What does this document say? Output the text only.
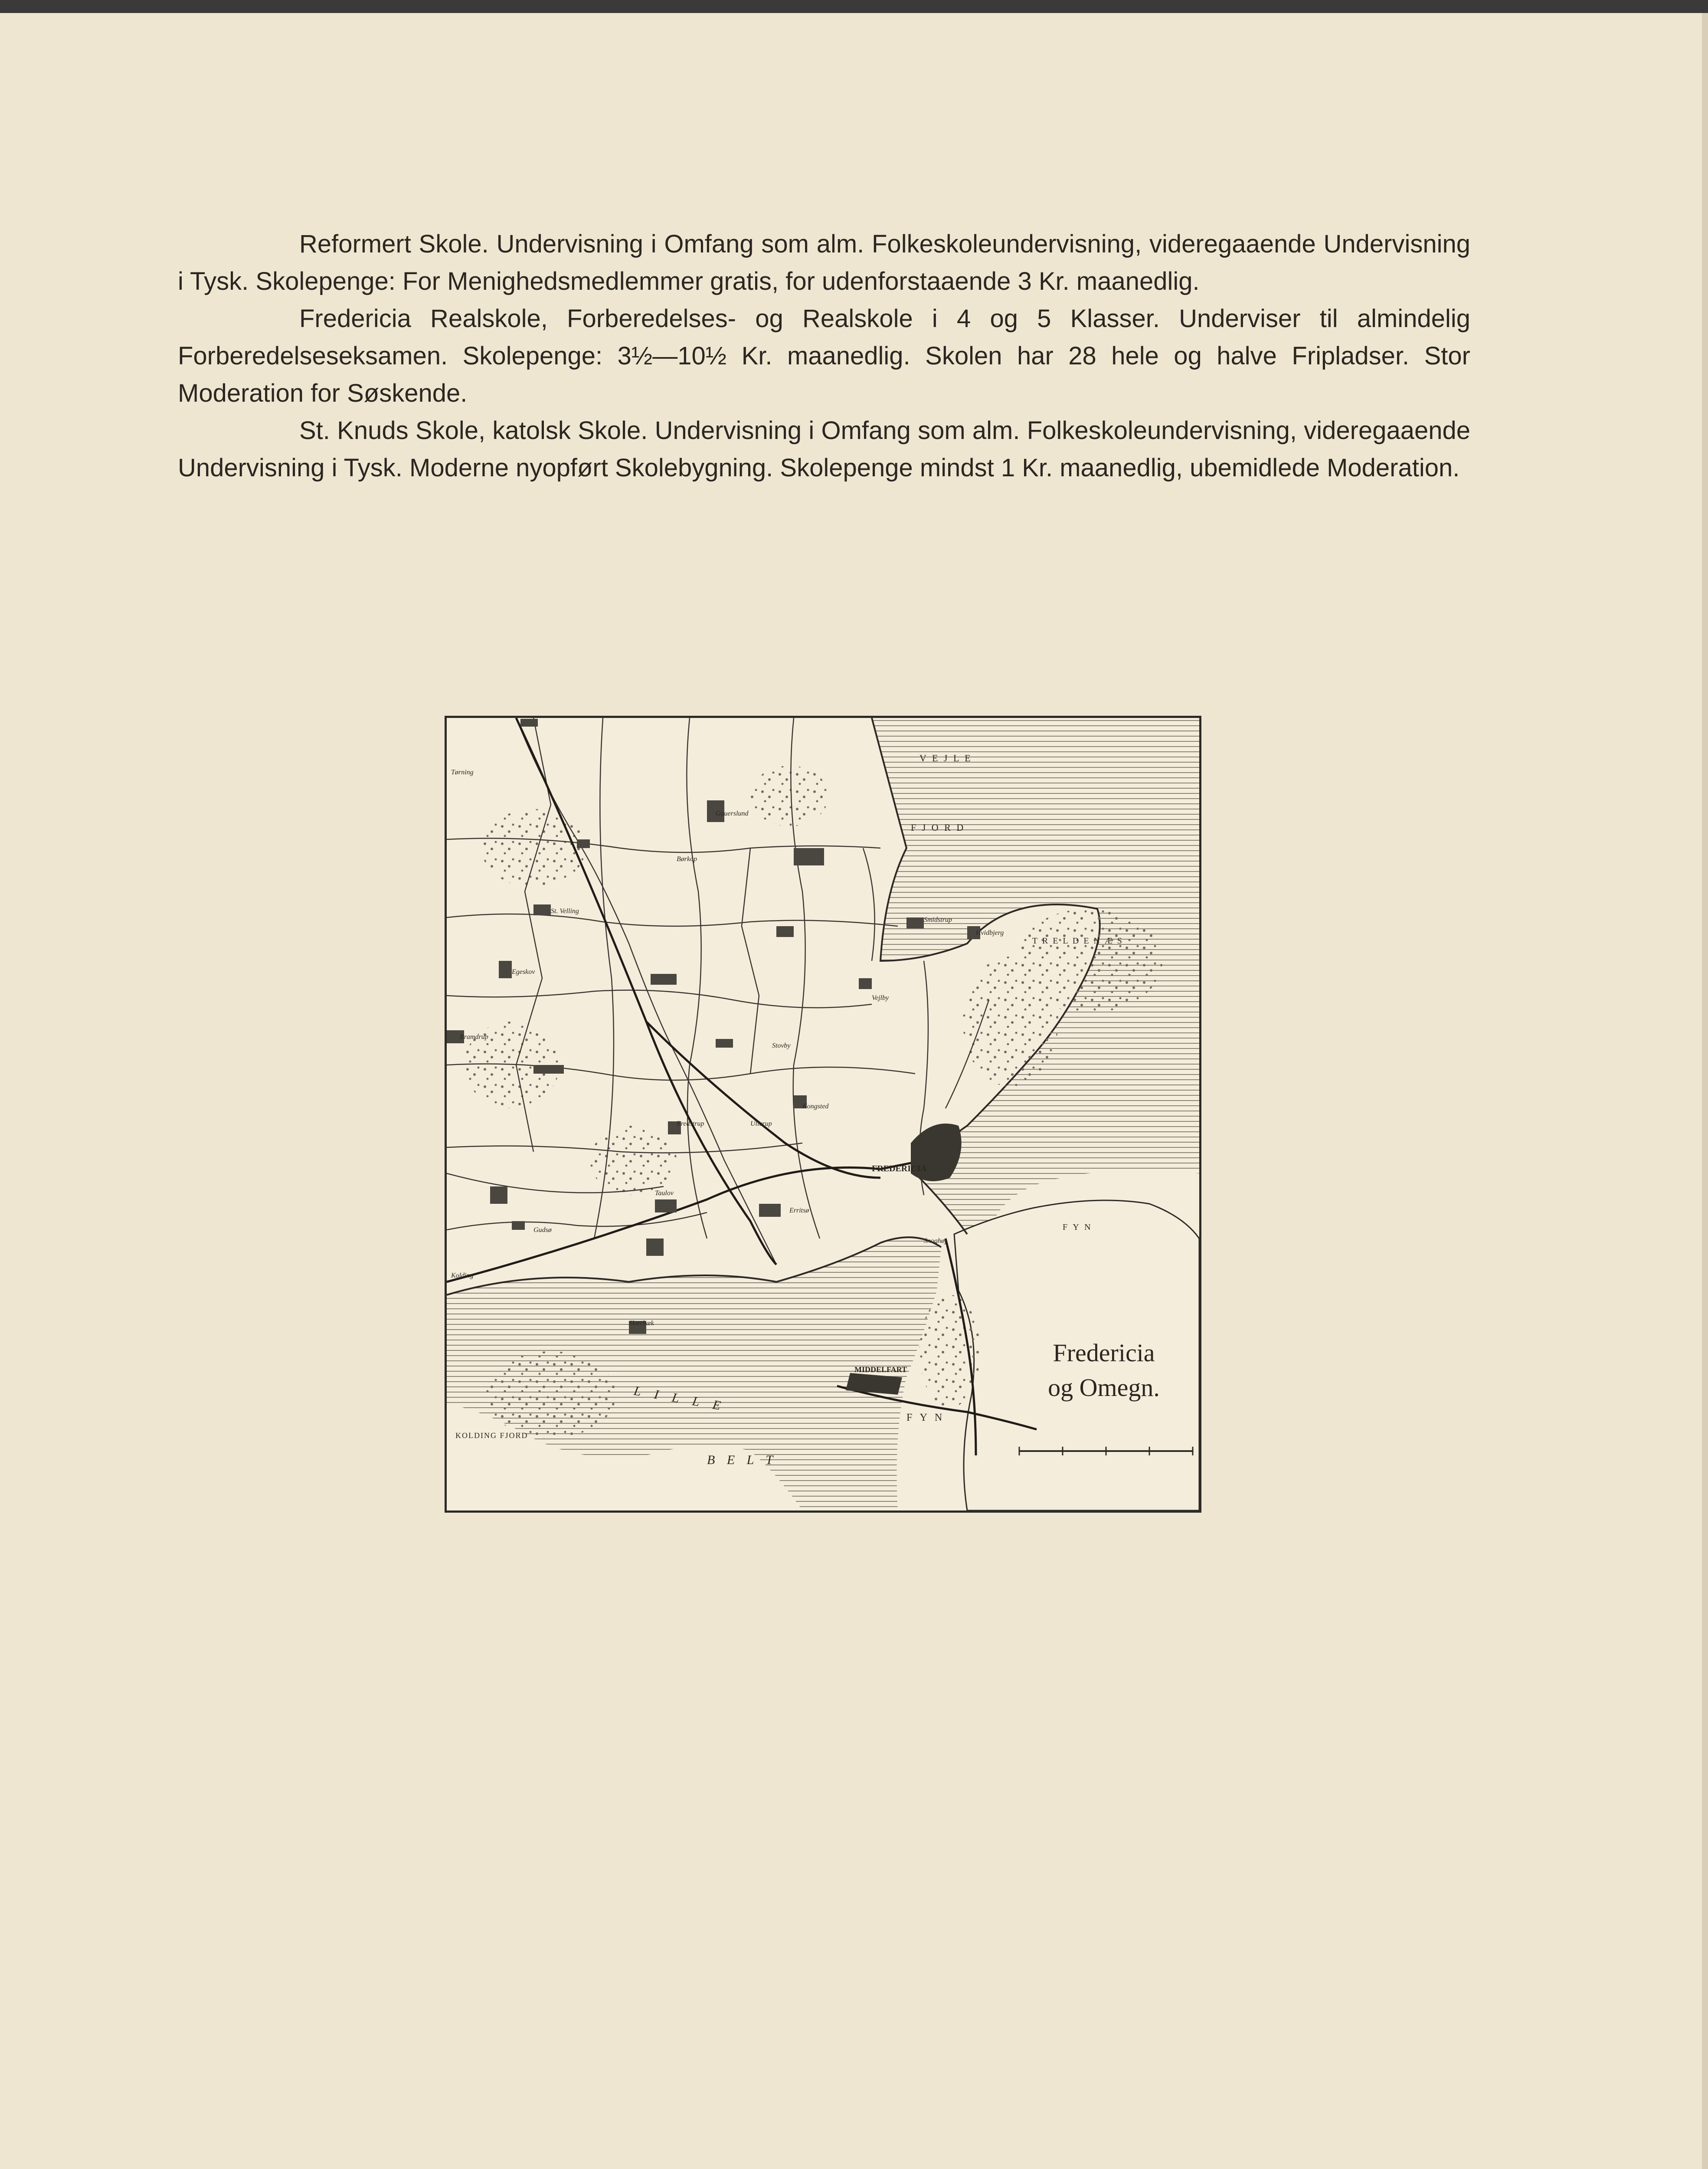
Reformert Skole. Undervisning i Omfang som alm. Folkeskoleundervisning, videregaaende Undervisning i Tysk. Skolepenge: For Menighedsmedlemmer gratis, for udenforstaaende 3 Kr. maanedlig.

Fredericia Realskole, Forberedelses- og Realskole i 4 og 5 Klasser. Underviser til almindelig Forberedelseseksamen. Skolepenge: 3½—10½ Kr. maanedlig. Skolen har 28 hele og halve Fripladser. Stor Moderation for Søskende.

St. Knuds Skole, katolsk Skole. Undervisning i Omfang som alm. Folkeskoleundervisning, videregaaende Undervisning i Tysk. Moderne nyopført Skolebygning. Skolepenge mindst 1 Kr. maanedlig, ubemidlede Moderation.

V E J L E
F J O R D
T R E L D E N Æ S
FREDERICIA
F Y N
F Y N
MIDDELFART
L I L L E
B E L T
KOLDING FJORD
Snoghøj
Taulov
Erritsø
Ullerup
Bredstrup
Vejlby
Stovby
Kongsted
Gauerslund
Børkop
St. Velling
Egeskov
Skærbæk
Bramdrup
Hvidbjerg
Smidstrup
Gudsø
Tørning
Kolding
Fredericia
og Omegn.
